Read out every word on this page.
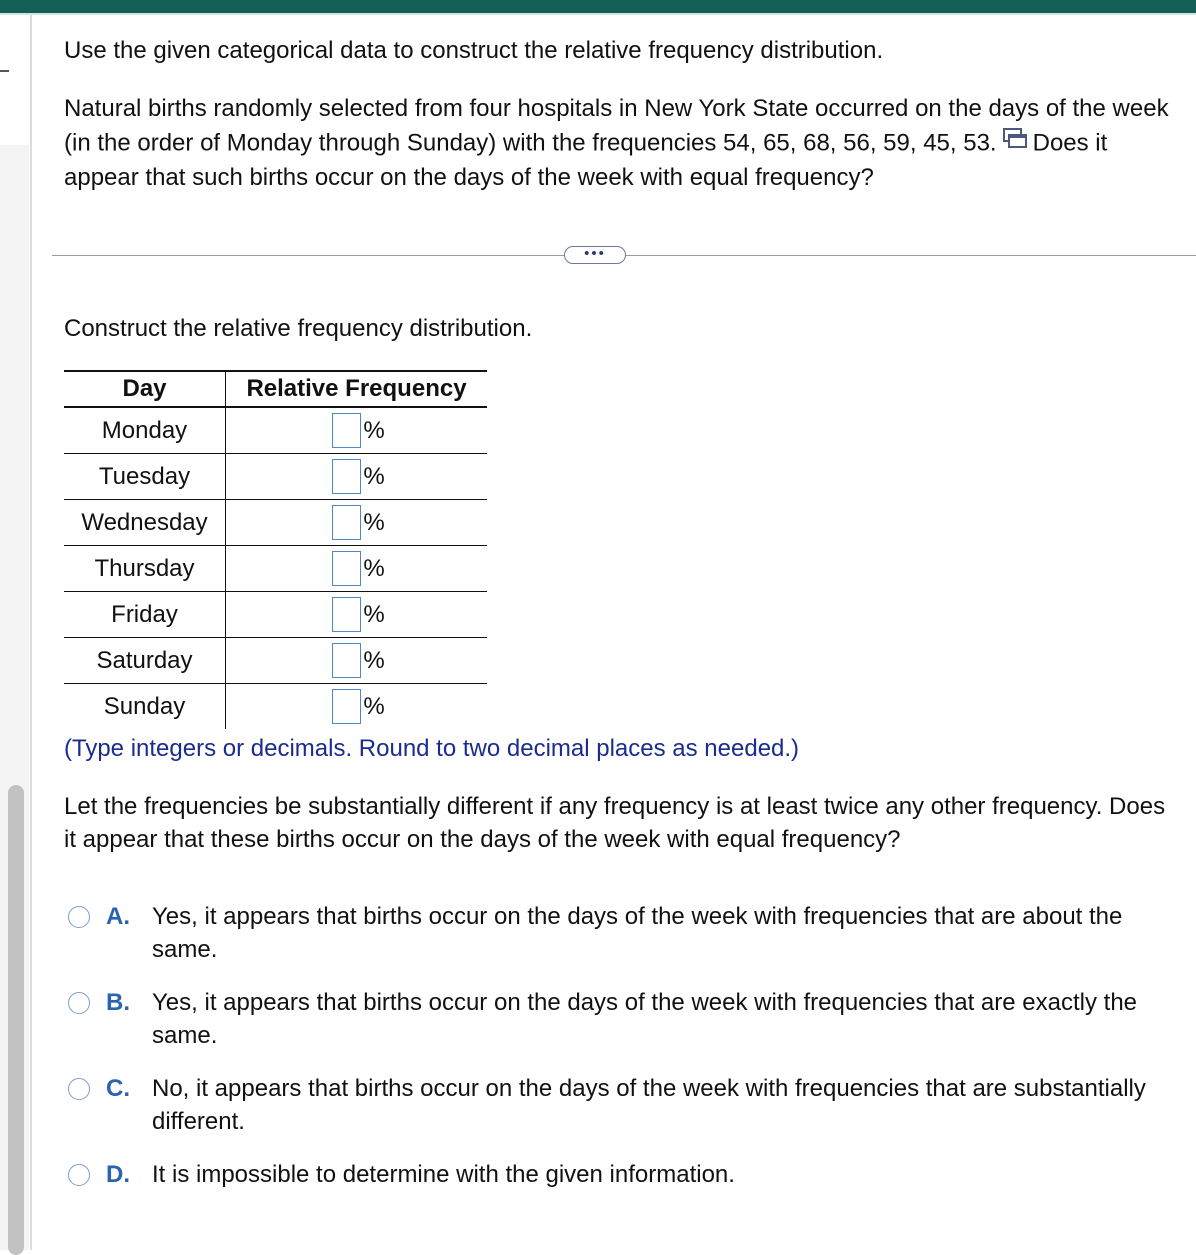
Use the given categorical data to construct the relative frequency distribution.
Natural births randomly selected from four hospitals in New York State occurred on the days of the week (in the order of Monday through Sunday) with the frequencies 54, 65, 68, 56, 59, 45, 53. Does it appear that such births occur on the days of the week with equal frequency?
•••
Construct the relative frequency distribution.
Day	Relative Frequency
Monday	%

Tuesday	%

Wednesday	%

Thursday	%

Friday	%

Saturday	%

Sunday	%
(Type integers or decimals. Round to two decimal places as needed.)
Let the frequencies be substantially different if any frequency is at least twice any other frequency. Does it appear that these births occur on the days of the week with equal frequency?
A. Yes, it appears that births occur on the days of the week with frequencies that are about the same.
B. Yes, it appears that births occur on the days of the week with frequencies that are exactly the same.
C. No, it appears that births occur on the days of the week with frequencies that are substantially different.
D. It is impossible to determine with the given information.
